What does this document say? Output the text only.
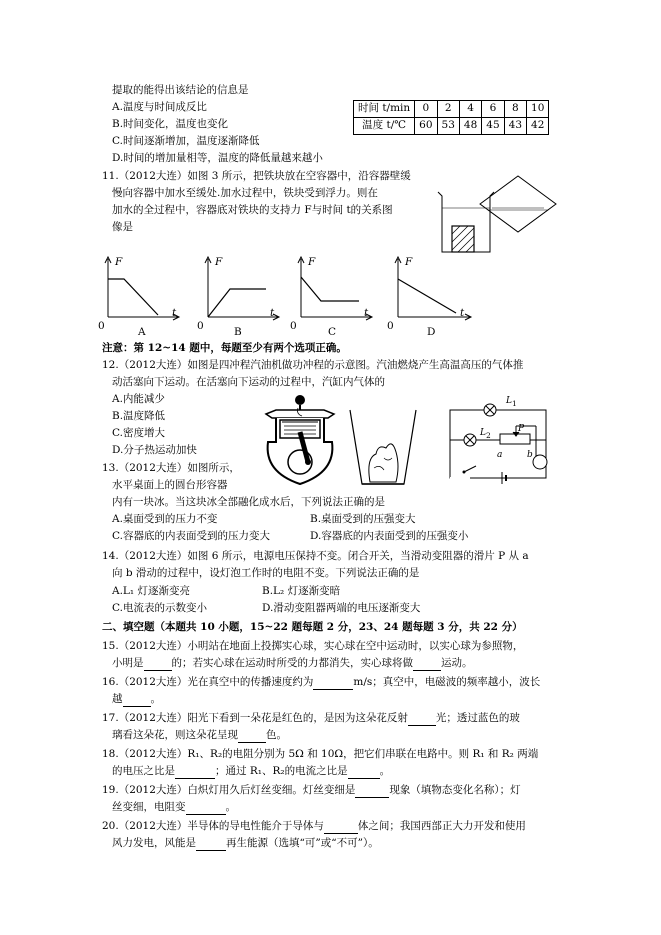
提取的能得出该结论的信息是
A.温度与时间成反比
B.时间变化，温度也变化
C.时间逐渐增加，温度逐渐降低
D.时间的增加量相等，温度的降低量越来越小
时间 t/min	0	2	4	6	8	10
温度 t/℃	60	53	48	45	43	42
11.（2012大连）如图 3 所示，把铁块放在空容器中，沿容器壁缓
慢向容器中加水至缓处.加水过程中，铁块受到浮力。则在
加水的全过程中，容器底对铁块的支持力 F与时间 t的关系图
像是
F
t
0	A
F
t
0	B
F
t
0	C
F
t
0	D
注意：第 12~14 题中，每题至少有两个选项正确。
12.（2012大连）如图是四冲程汽油机做功冲程的示意图。汽油燃烧产生高温高压的气体推
动活塞向下运动。在活塞向下运动的过程中，汽缸内气体的
A.内能减少
B.温度降低
C.密度增大
D.分子热运动加快
$L_1$
$L_2$
P
a	b
13.（2012大连）如图所示，
水平桌面上的圆台形容器
内有一块冰。当这块冰全部融化成水后，下列说法正确的是
A.桌面受到的压力不变	B.桌面受到的压强变大
C.容器底的内表面受到的压力变大	D.容器底的内表面受到的压强变小
14.（2012大连）如图 6 所示，电源电压保持不变。闭合开关，当滑动变阻器的滑片 P 从 a
向 b 滑动的过程中，设灯泡工作时的电阻不变。下列说法正确的是
A.L₁ 灯逐渐变亮	B.L₂ 灯逐渐变暗
C.电流表的示数变小	D.滑动变阻器两端的电压逐渐变大
二、填空题（本题共 10 小题，15~22 题每题 2 分，23、24 题每题 3 分，共 22 分）
15.（2012大连）小明站在地面上投掷实心球，实心球在空中运动时，以实心球为参照物，
小明是	的；若实心球在运动时所受的力都消失，实心球将做	运动。
16.（2012大连）光在真空中的传播速度约为	m/s；真空中，电磁波的频率越小，波长
越	。
17.（2012大连）阳光下看到一朵花是红色的，是因为这朵花反射	光；透过蓝色的玻
璃看这朵花，则这朵花呈现	色。
18.（2012大连）R₁、R₂的电阻分别为 5Ω 和 10Ω，把它们串联在电路中。则 R₁ 和 R₂ 两端
的电压之比是	；通过 R₁、R₂的电流之比是	。
19.（2012大连）白炽灯用久后灯丝变细。灯丝变细是	现象（填物态变化名称）；灯
丝变细，电阻变	。
20.（2012大连）半导体的导电性能介于导体与	体之间；我国西部正大力开发和使用
风力发电，风能是	再生能源（选填“可”或“不可”）。
